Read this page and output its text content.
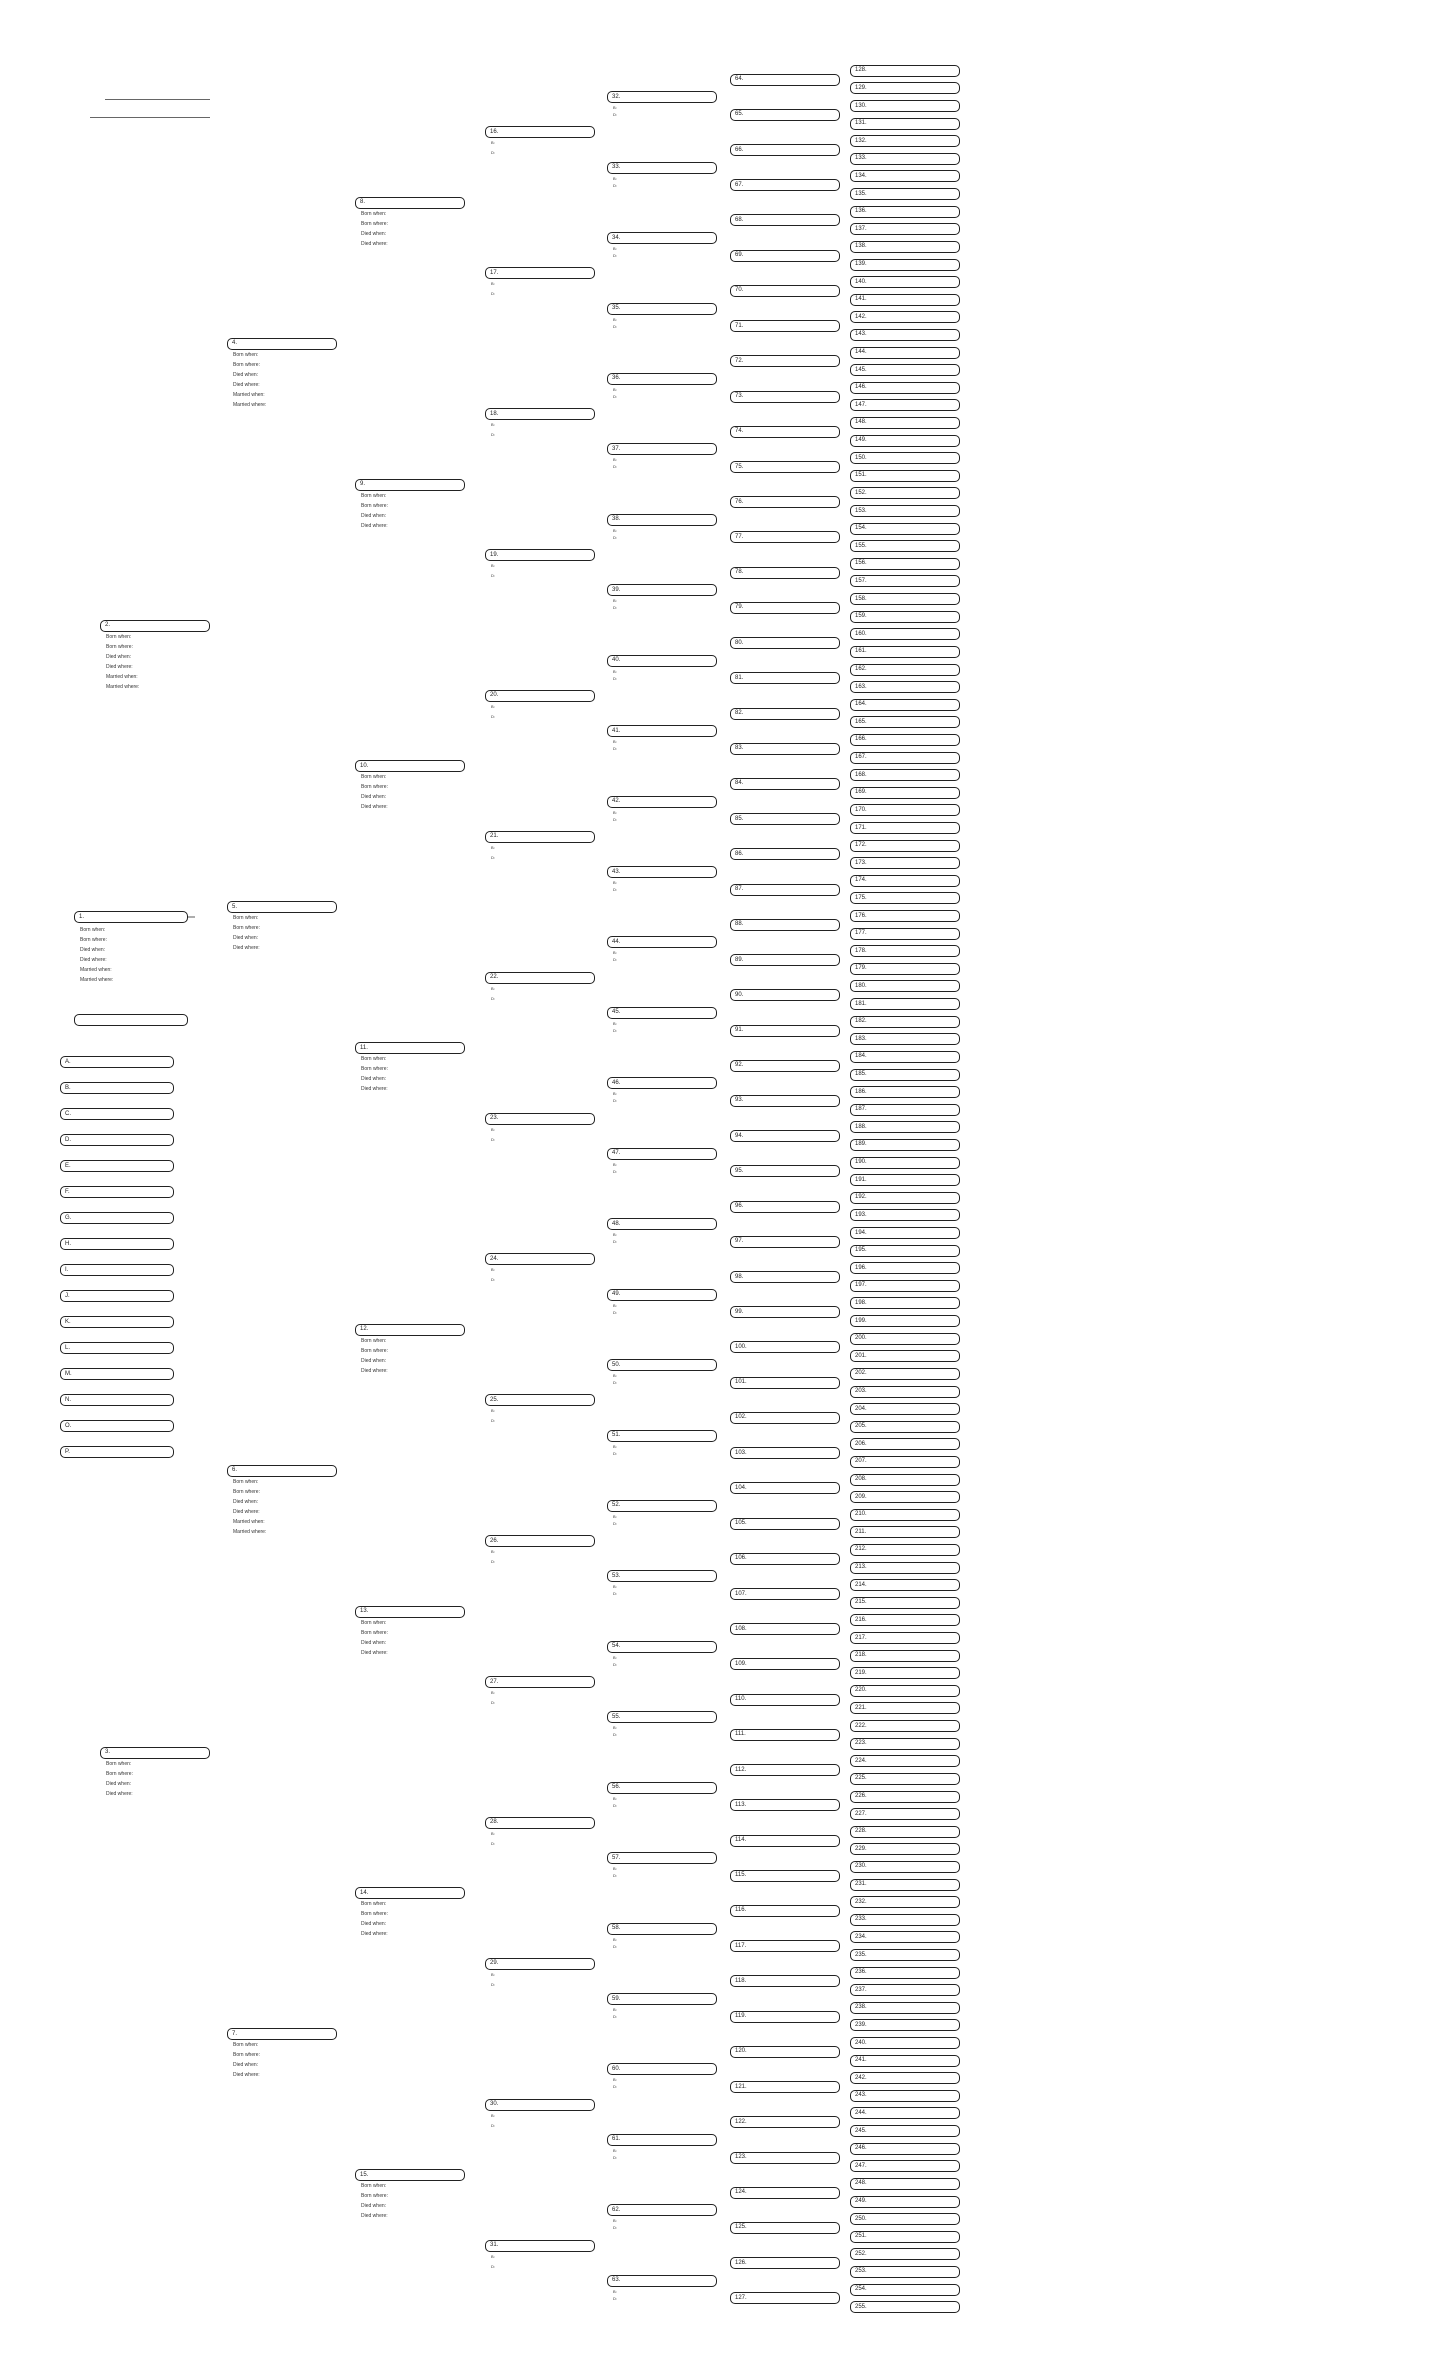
1.
Born when:
Born where:
Died when:
Died where:
Married when:
Married where:
A.
B.
C.
D.
E.
F.
G.
H.
I.
J.
K.
L.
M.
N.
O.
P.
2.
Born when:
Born where:
Died when:
Died where:
Married when:
Married where:
3.
Born when:
Born where:
Died when:
Died where:
4.
Born when:
Born where:
Died when:
Died where:
Married when:
Married where:
5.
Born when:
Born where:
Died when:
Died where:
6.
Born when:
Born where:
Died when:
Died where:
Married when:
Married where:
7.
Born when:
Born where:
Died when:
Died where:
8.
Born when:
Born where:
Died when:
Died where:
9.
Born when:
Born where:
Died when:
Died where:
10.
Born when:
Born where:
Died when:
Died where:
11.
Born when:
Born where:
Died when:
Died where:
12.
Born when:
Born where:
Died when:
Died where:
13.
Born when:
Born where:
Died when:
Died where:
14.
Born when:
Born where:
Died when:
Died where:
15.
Born when:
Born where:
Died when:
Died where:
16.
B:
D:
17.
B:
D:
18.
B:
D:
19.
B:
D:
20.
B:
D:
21.
B:
D:
22.
B:
D:
23.
B:
D:
24.
B:
D:
25.
B:
D:
26.
B:
D:
27.
B:
D:
28.
B:
D:
29.
B:
D:
30.
B:
D:
31.
B:
D:
32.
B:
D:
33.
B:
D:
34.
B:
D:
35.
B:
D:
36.
B:
D:
37.
B:
D:
38.
B:
D:
39.
B:
D:
40.
B:
D:
41.
B:
D:
42.
B:
D:
43.
B:
D:
44.
B:
D:
45.
B:
D:
46.
B:
D:
47.
B:
D:
48.
B:
D:
49.
B:
D:
50.
B:
D:
51.
B:
D:
52.
B:
D:
53.
B:
D:
54.
B:
D:
55.
B:
D:
56.
B:
D:
57.
B:
D:
58.
B:
D:
59.
B:
D:
60.
B:
D:
61.
B:
D:
62.
B:
D:
63.
B:
D:
64.
65.
66.
67.
68.
69.
70.
71.
72.
73.
74.
75.
76.
77.
78.
79.
80.
81.
82.
83.
84.
85.
86.
87.
88.
89.
90.
91.
92.
93.
94.
95.
96.
97.
98.
99.
100.
101.
102.
103.
104.
105.
106.
107.
108.
109.
110.
111.
112.
113.
114.
115.
116.
117.
118.
119.
120.
121.
122.
123.
124.
125.
126.
127.
128.
129.
130.
131.
132.
133.
134.
135.
136.
137.
138.
139.
140.
141.
142.
143.
144.
145.
146.
147.
148.
149.
150.
151.
152.
153.
154.
155.
156.
157.
158.
159.
160.
161.
162.
163.
164.
165.
166.
167.
168.
169.
170.
171.
172.
173.
174.
175.
176.
177.
178.
179.
180.
181.
182.
183.
184.
185.
186.
187.
188.
189.
190.
191.
192.
193.
194.
195.
196.
197.
198.
199.
200.
201.
202.
203.
204.
205.
206.
207.
208.
209.
210.
211.
212.
213.
214.
215.
216.
217.
218.
219.
220.
221.
222.
223.
224.
225.
226.
227.
228.
229.
230.
231.
232.
233.
234.
235.
236.
237.
238.
239.
240.
241.
242.
243.
244.
245.
246.
247.
248.
249.
250.
251.
252.
253.
254.
255.
